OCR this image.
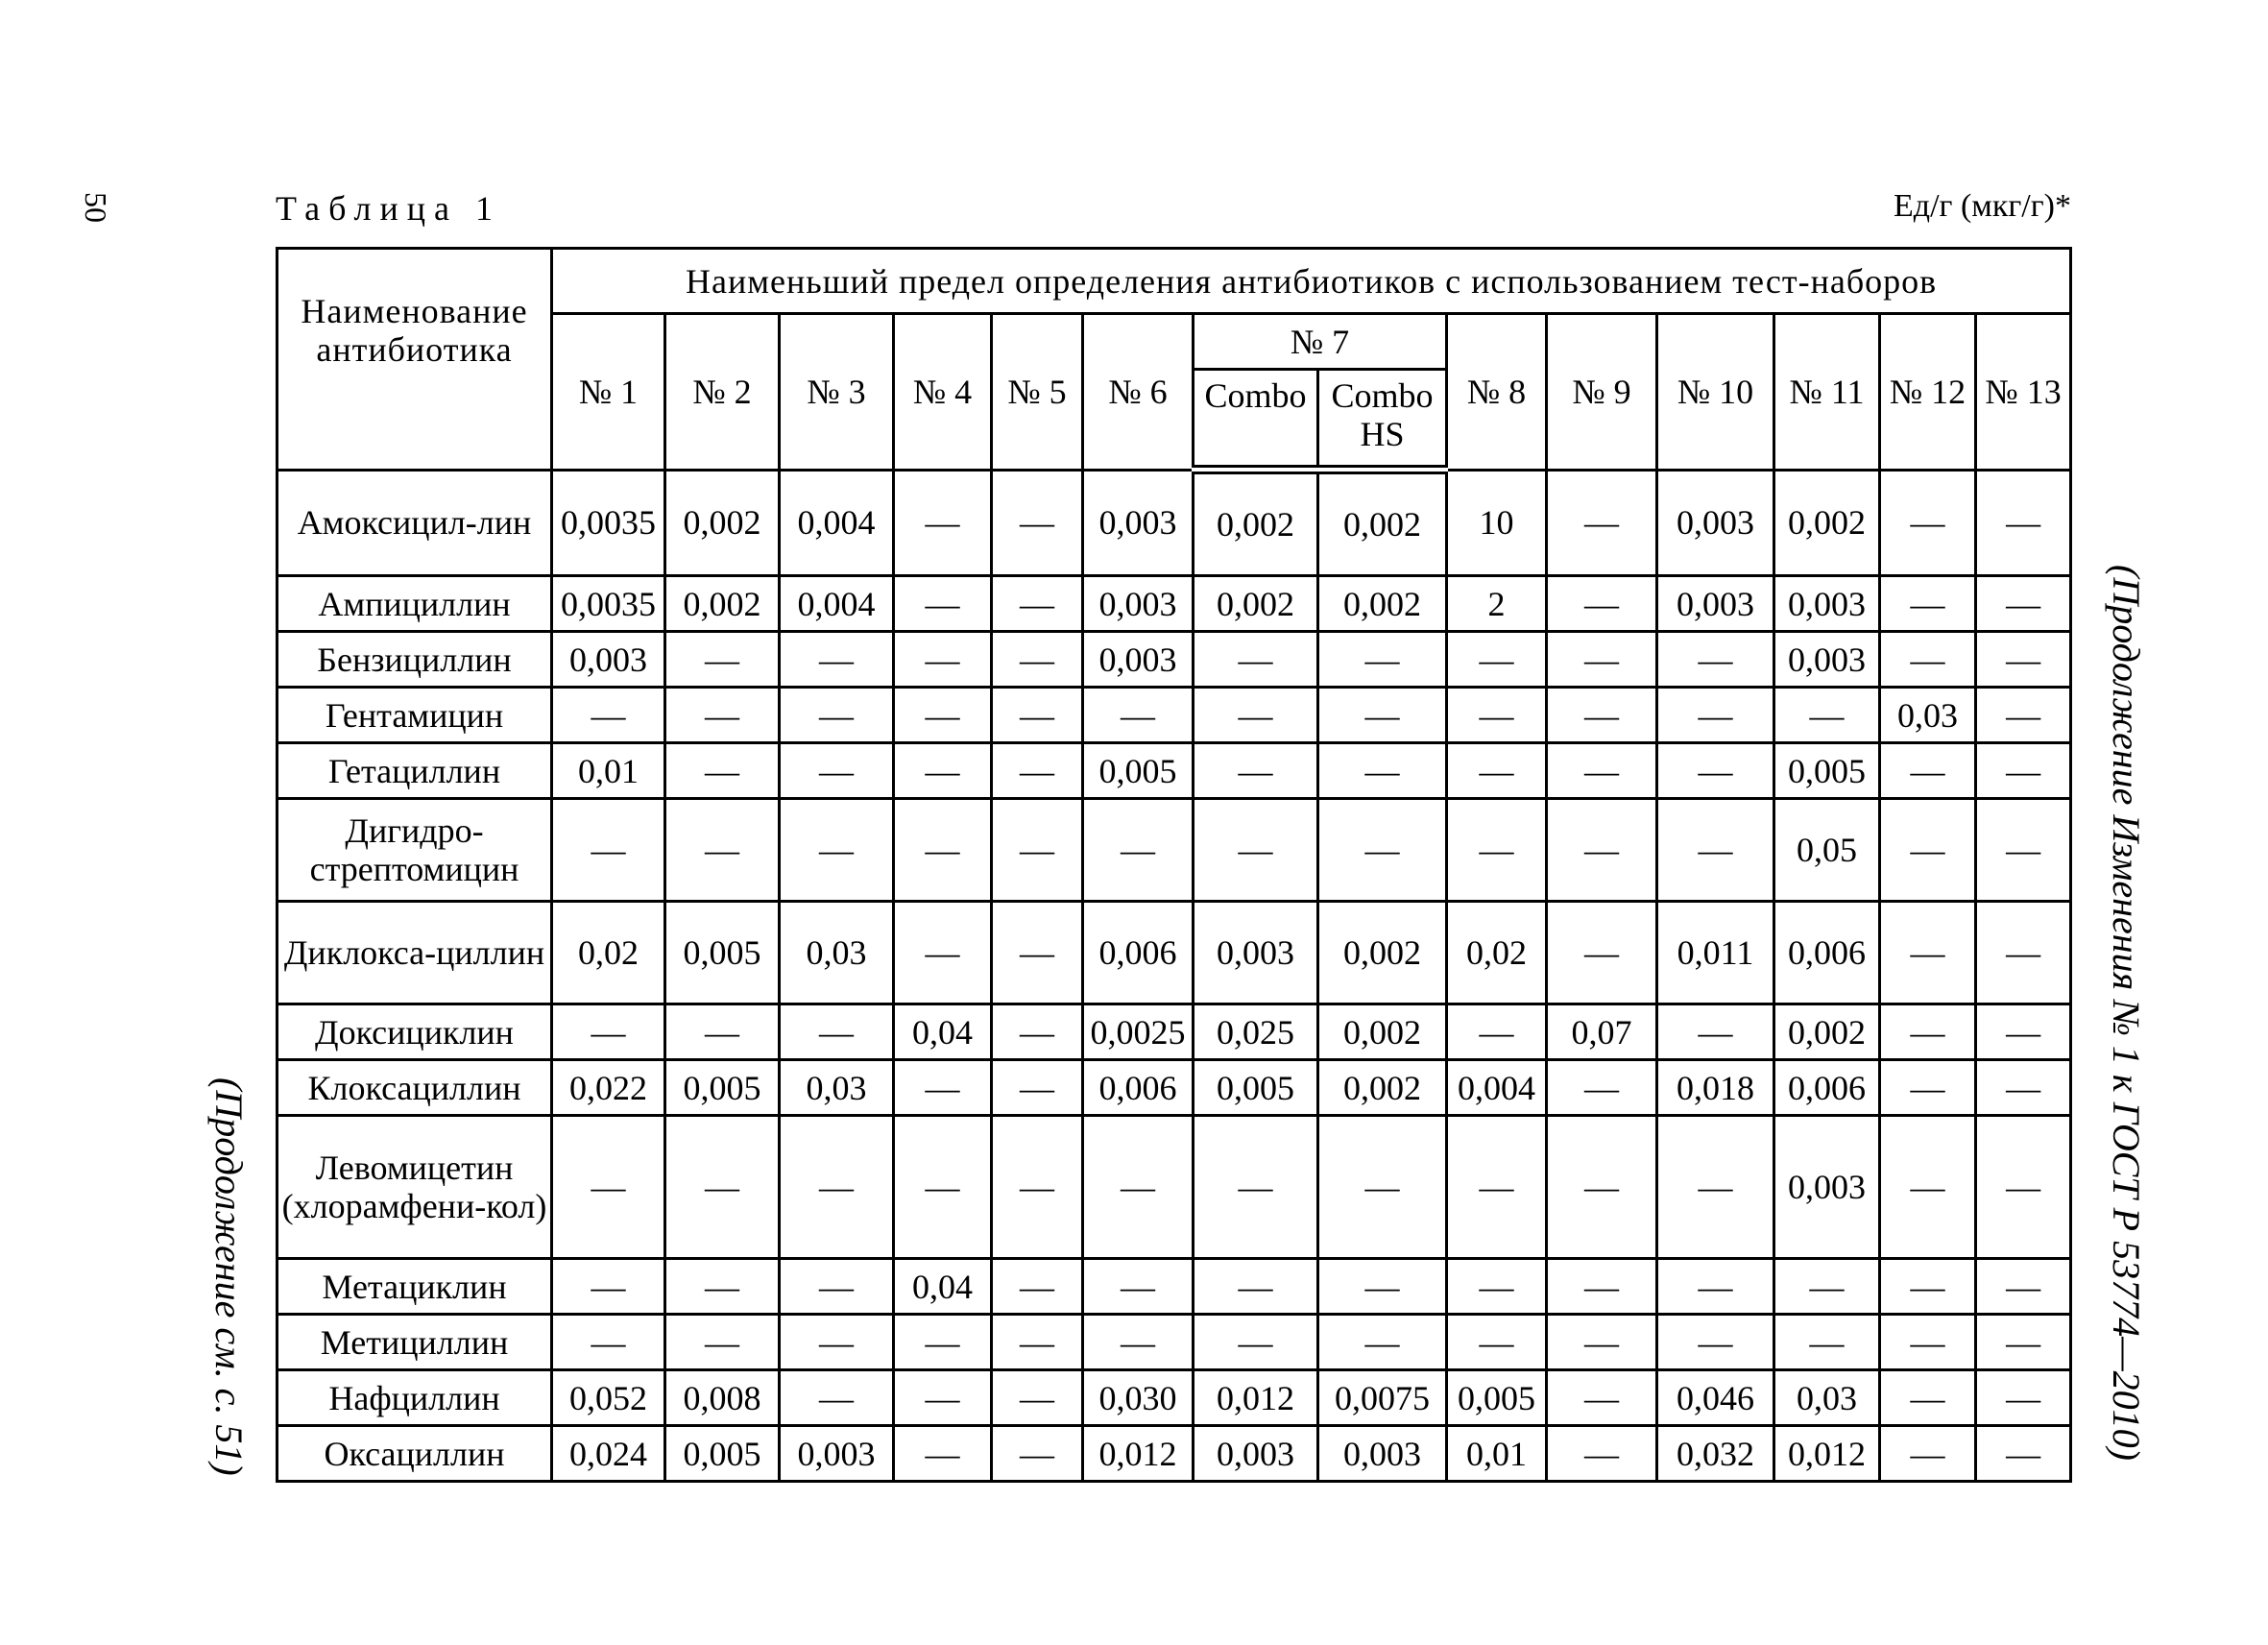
50	Таблица 1	Ед/г (мкг/г)*
(Продолжение Изменения № 1 к ГОСТ Р 53774—2010)
(Продолжение см. с. 51)
Наименование антибиотика	Наименьший предел определения антибиотиков с использованием тест-наборов													
	№ 1	№ 2	№ 3	№ 4	№ 5	№ 6	№ 7		№ 8	№ 9	№ 10	№ 11	№ 12	№ 13
							Combo	Combo HS						
Амоксицил-лин	0,0035	0,002	0,004	—	—	0,003	0,002	0,002	10	—	0,003	0,002	—	—
Ампициллин	0,0035	0,002	0,004	—	—	0,003	0,002	0,002	2	—	0,003	0,003	—	—
Бензициллин	0,003	—	—	—	—	0,003	—	—	—	—	—	0,003	—	—
Гентамицин	—	—	—	—	—	—	—	—	—	—	—	—	0,03	—
Гетациллин	0,01	—	—	—	—	0,005	—	—	—	—	—	0,005	—	—
Дигидро-стрептомицин	—	—	—	—	—	—	—	—	—	—	—	0,05	—	—
Диклокса-циллин	0,02	0,005	0,03	—	—	0,006	0,003	0,002	0,02	—	0,011	0,006	—	—
Доксициклин	—	—	—	0,04	—	0,0025	0,025	0,002	—	0,07	—	0,002	—	—
Клоксациллин	0,022	0,005	0,03	—	—	0,006	0,005	0,002	0,004	—	0,018	0,006	—	—
Левомицетин (хлорамфени-кол)	—	—	—	—	—	—	—	—	—	—	—	0,003	—	—
Метациклин	—	—	—	0,04	—	—	—	—	—	—	—	—	—	—
Метициллин	—	—	—	—	—	—	—	—	—	—	—	—	—	—
Нафциллин	0,052	0,008	—	—	—	0,030	0,012	0,0075	0,005	—	0,046	0,03	—	—
Оксациллин	0,024	0,005	0,003	—	—	0,012	0,003	0,003	0,01	—	0,032	0,012	—	—
